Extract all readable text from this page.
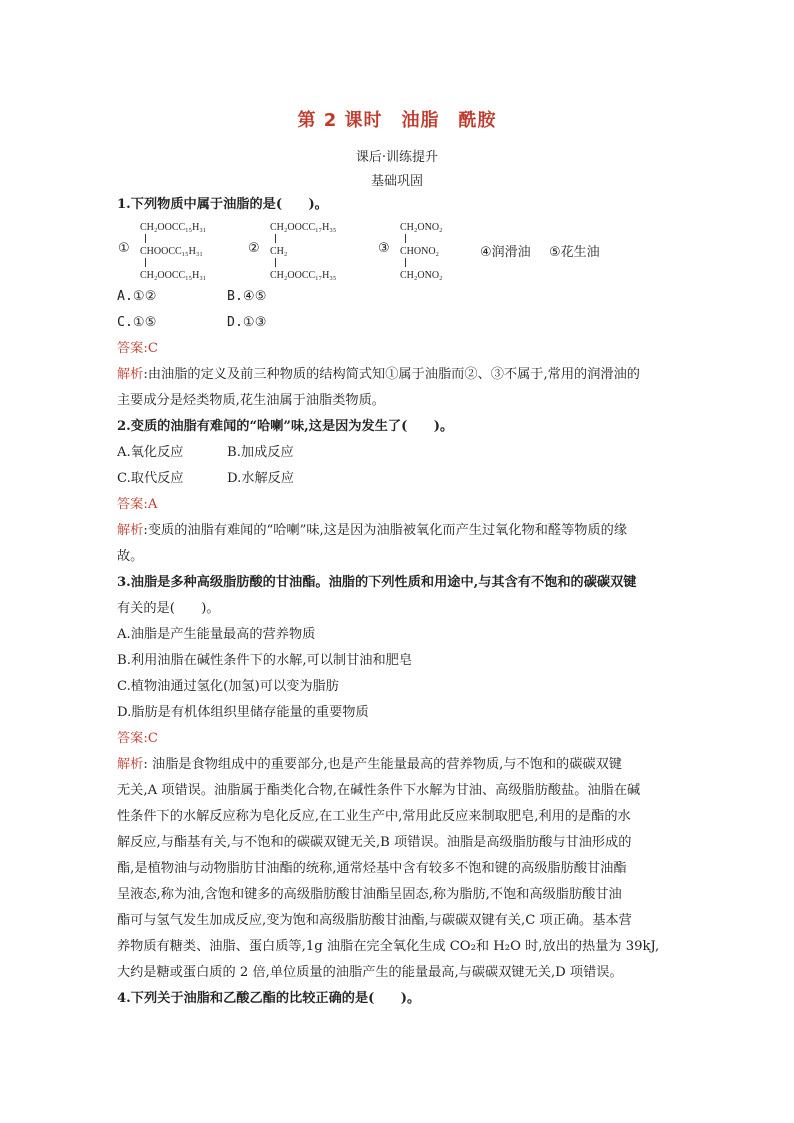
第 2 课时　油脂　酰胺
课后·训练提升
基础巩固
1.下列物质中属于油脂的是(　　)。
①
CH₂OOCC₁₅H₃₁
CHOOCC₁₅H₃₁
CH₂OOCC₁₅H₃₁
②
CH₂OOCC₁₇H₃₅
CH₂
CH₂OOCC₁₇H₃₅
③
CH₂ONO₂
CHONO₂
CH₂ONO₂
④润滑油 ⑤花生油
A.①②	B.④⑤
C.①⑤	D.①③
答案:C
解析:由油脂的定义及前三种物质的结构简式知①属于油脂而②、③不属于,常用的润滑油的
主要成分是烃类物质,花生油属于油脂类物质。
2.变质的油脂有难闻的“哈喇”味,这是因为发生了(　　)。
A.氧化反应	B.加成反应
C.取代反应	D.水解反应
答案:A
解析:变质的油脂有难闻的“哈喇”味,这是因为油脂被氧化而产生过氧化物和醛等物质的缘
故。
3.油脂是多种高级脂肪酸的甘油酯。油脂的下列性质和用途中,与其含有不饱和的碳碳双键
有关的是(　　)。
A.油脂是产生能量最高的营养物质
B.利用油脂在碱性条件下的水解,可以制甘油和肥皂
C.植物油通过氢化(加氢)可以变为脂肪
D.脂肪是有机体组织里储存能量的重要物质
答案:C
解析: 油脂是食物组成中的重要部分,也是产生能量最高的营养物质,与不饱和的碳碳双键
无关,A 项错误。油脂属于酯类化合物,在碱性条件下水解为甘油、高级脂肪酸盐。油脂在碱
性条件下的水解反应称为皂化反应,在工业生产中,常用此反应来制取肥皂,利用的是酯的水
解反应,与酯基有关,与不饱和的碳碳双键无关,B 项错误。油脂是高级脂肪酸与甘油形成的
酯,是植物油与动物脂肪甘油酯的统称,通常烃基中含有较多不饱和键的高级脂肪酸甘油酯
呈液态,称为油,含饱和键多的高级脂肪酸甘油酯呈固态,称为脂肪,不饱和高级脂肪酸甘油
酯可与氢气发生加成反应,变为饱和高级脂肪酸甘油酯,与碳碳双键有关,C 项正确。基本营
养物质有糖类、油脂、蛋白质等,1g 油脂在完全氧化生成 CO₂和 H₂O 时,放出的热量为 39kJ,
大约是糖或蛋白质的 2 倍,单位质量的油脂产生的能量最高,与碳碳双键无关,D 项错误。
4.下列关于油脂和乙酸乙酯的比较正确的是(　　)。
